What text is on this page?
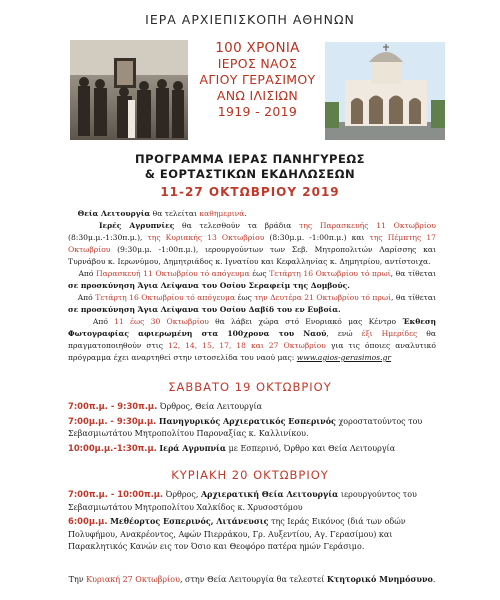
ΙΕΡΑ ΑΡΧΙΕΠΙΣΚΟΠΗ ΑΘΗΝΩΝ
100 ΧΡΟΝΙΑ
ΙΕΡΟΣ ΝΑΟΣ
ΑΓΙΟΥ ΓΕΡΑΣΙΜΟΥ
ΑΝΩ ΙΛΙΣΙΩΝ
1919 - 2019
ΠΡΟΓΡΑΜΜΑ ΙΕΡΑΣ ΠΑΝΗΓΥΡΕΩΣ
& ΕΟΡΤΑΣΤΙΚΩΝ ΕΚΔΗΛΩΣΕΩΝ
11-27 ΟΚΤΩΒΡΙΟΥ 2019

Θεία Λειτουργία θα τελείται καθημερινά.

Ιερές Αγρυπνίες θα τελεσθούν τα βράδια της Παρασκευής 11 Οκτωβρίου (8:30μ.μ.-1:30π.μ.), της Κυριακής 13 Οκτωβρίου (8:30μ.μ. -1:00π.μ.) και της Πέμπτης 17 Οκτωβρίου (9:30μ.μ. -1:00π.μ.), ιερουργούντων των Σεβ. Μητροπολιτών Λαρίσσης και Τυρνάβου κ. Ιερωνύμου, Δημητριάδος κ. Ιγνατίου και Κεφαλληνίας κ. Δημητρίου, αντίστοιχα.

Από Παρασκευή 11 Οκτωβρίου τό απόγευμα έως Τετάρτη 16 Οκτωβρίου τό πρωί, θα τίθεται σε προσκύνηση Άγια Λείψανα του Οσίου Σεραφείμ της Δομβούς.

Από Τετάρτη 16 Οκτωβρίου τό απόγευμα έως την Δευτέρα 21 Οκτωβρίου τό πρωί, θα τίθεται σε προσκύνηση Άγια Λείψανα του Οσίου Δαβίδ του εν Ευβοία.

Από 11 έως 30 Οκτωβρίου θα λάβει χώρα στό Ενοριακό μας Κέντρο Έκθεση Φωτογραφίας αφιερωμένη στα 100χρονα του Ναού, ενώ έξι Ημερίδες θα πραγματοποιηθούν στις 12, 14, 15, 17, 18 και 27 Οκτωβρίου για τις όποιες αναλυτικό πρόγραμμα έχει αναρτηθεί στην ιστοσελίδα του ναού μας: www.agios-gerasimos.gr

ΣΑΒΒΑΤΟ 19 ΟΚΤΩΒΡΙΟΥ
7:00π.μ. - 9:30π.μ. Όρθρος, Θεία Λειτουργία
7:00μ.μ. - 9:30μ.μ. Πανηγυρικός Αρχιερατικός Εσπερινός χοροστατούντος του Σεβασμιωτάτου Μητροπολίτου Παροναξίας κ. Καλλινίκου.
10:00μ.μ.-1:30π.μ. Ιερά Αγρυπνία με Εσπερινό, Όρθρο και Θεία Λειτουργία
ΚΥΡΙΑΚΗ 20 ΟΚΤΩΒΡΙΟΥ
7:00π.μ. - 10:00π.μ. Όρθρος, Αρχιερατική Θεία Λειτουργία ιερουργούντος του Σεβασμιωτάτου Μητροπολίτου Χαλκίδος κ. Χρυσοστόμου
6:00μ.μ. Μεθέορτος Εσπερινός, Λιτάνευσις της Ιεράς Εικόνος (διά των οδών Πολυφήμου, Ανακρέοντος, Αφών Πιερράκου, Γρ. Αυξεντίου, Αγ. Γερασίμου) και Παρακλητικός Κανών εις τον Όσιο και Θεοφόρο πατέρα ημών Γεράσιμο.
Την Κυριακή 27 Οκτωβρίου, στην Θεία Λειτουργία θα τελεστεί Κτητορικό Μνημόσυνο.
